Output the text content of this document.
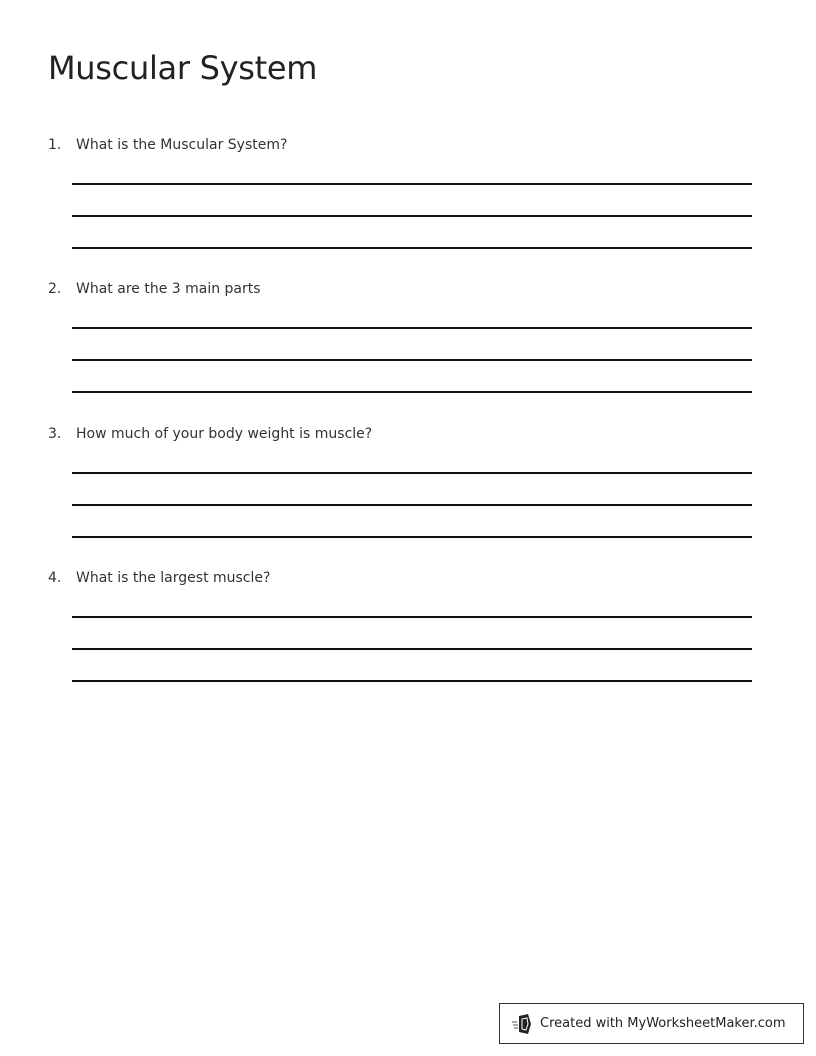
Muscular System
1.	What is the Muscular System?
2.	What are the 3 main parts
3.	How much of your body weight is muscle?
4.	What is the largest muscle?
Created with MyWorksheetMaker.com
